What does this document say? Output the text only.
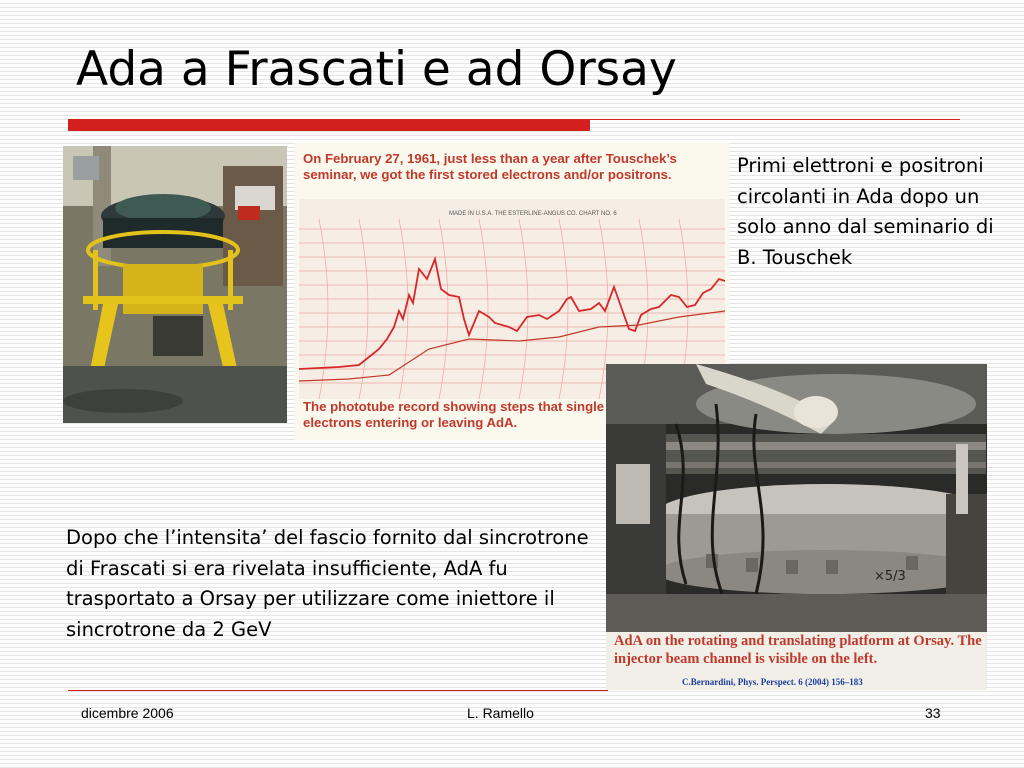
Ada a Frascati e ad Orsay
On February 27, 1961, just less than a year after Touschek’s seminar, we got the first stored electrons and/or positrons.
MADE IN U.S.A. THE ESTERLINE-ANGUS CO. CHART NO. 6
The phototube record showing steps that single electrons entering or leaving AdA.
Primi elettroni e positroni circolanti in Ada dopo un solo anno dal seminario di B. Touschek
×5/3
AdA on the rotating and translating platform at Orsay. The injector beam channel is visible on the left.
C.Bernardini, Phys. Perspect. 6 (2004) 156–183
Dopo che l’intensita’ del fascio fornito dal sincrotrone di Frascati si era rivelata insufficiente, AdA fu trasportato a Orsay per utilizzare come iniettore il sincrotrone da 2 GeV
dicembre 2006	L. Ramello	33
